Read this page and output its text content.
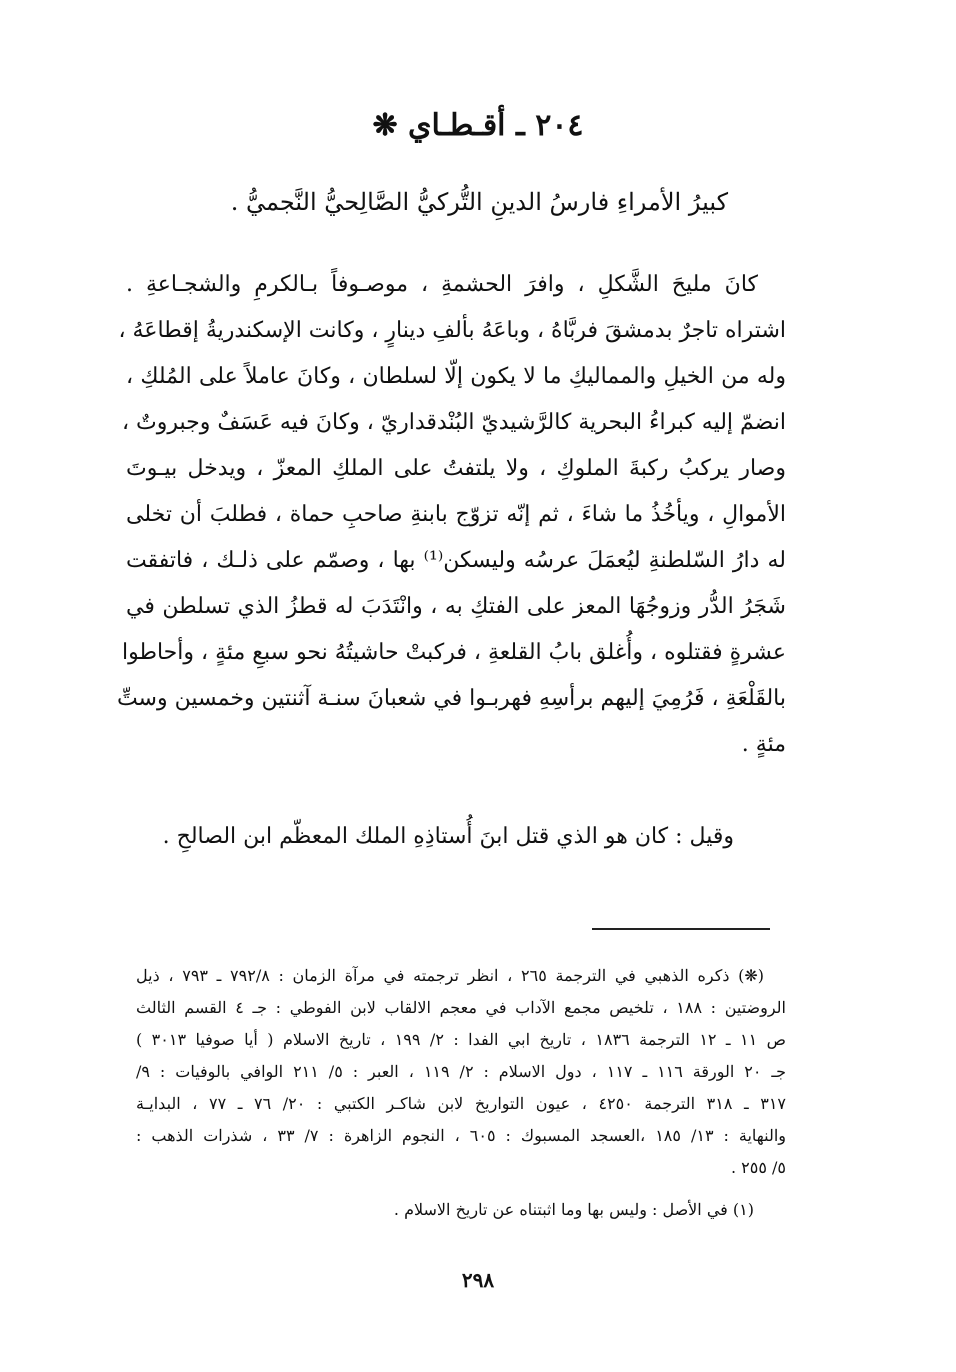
٢٠٤ ـ أقـطـاي ❋
كبيرُ الأمراءِ فارسُ الدينِ التُّركيُّ الصَّالِحيُّ النَّجميُّ .
كانَ مليحَ الشَّكلِ ، وافرَ الحشمةِ ، موصـوفاً بـالكرمِ والشجـاعةِ .
اشتراه تاجرٌ بدمشقَ فربَّاهُ ، وباعَهُ بألفِ دينارٍ ، وكانت الإسكندريةُ إقطاعَهُ ،
وله من الخيلِ والمماليكِ ما لا يكون إلّا لسلطان ، وكانَ عاملاً على المُلكِ ،
انضمّ إليه كبراءُ البحرية كالرَّشيديّ البُنْدقداريّ ، وكانَ فيه عَسَفٌ وجبروتٌ ،
وصار يركبُ ركبةَ الملوكِ ، ولا يلتفتُ على الملكِ المعزّ ، ويدخل بيـوتَ
الأموالِ ، ويأخُذُ ما شاءَ ، ثم إنّه تزوّج بابنةِ صاحبِ حماة ، فطلبَ أن تخلى
له دارُ السّلطنةِ ليُعمَلَ عرسُه وليسكن⁽¹⁾ بها ، وصمّم على ذلـك ، فاتفقت
شَجَرُ الدُّر وزوجُهَا المعز على الفتكِ به ، وانْتَدَبَ له قطزُ الذي تسلطن في
عشرةٍ فقتلوه ، وأُغلق بابُ القلعةِ ، فركبتْ حاشيتُهُ نحو سبعِ مئةٍ ، وأحاطوا
بالقَلْعَةِ ، فَرُمِيَ إليهم برأسِهِ فهربـوا في شعبانَ سنـة آثنتين وخمسين وستِّ
مئةٍ .
وقيل : كان هو الذي قتل ابنَ أُستاذِهِ الملك المعظّم ابن الصالحِ .
(❋) ذكره الذهبي في الترجمة ٢٦٥ ، انظر ترجمته في مرآة الزمان : ٧٩٢/٨ ـ ٧٩٣ ، ذيل
الروضتين : ١٨٨ ، تلخيص مجمع الآداب في معجم الالقاب لابن الفوطي : جـ ٤ القسم الثالث
ص ١١ ـ ١٢ الترجمة ١٨٣٦ ، تاريخ ابي الفدا : ٢/ ١٩٩ ، تاريخ الاسلام ( أيا صوفيا ٣٠١٣ )
جـ ٢٠ الورقة ١١٦ ـ ١١٧ ، دول الاسلام : ٢/ ١١٩ ، العبر : ٥/ ٢١١ الوافي بالوفيات : ٩/
٣١٧ ـ ٣١٨ الترجمة ٤٢٥٠ ، عيون التواريخ لابن شاكـر الكتبي : ٢٠/ ٧٦ ـ ٧٧ ، البدايـة
والنهاية : ١٣/ ١٨٥ ،العسجد المسبوك : ٦٠٥ ، النجوم الزاهرة : ٧/ ٣٣ ، شذرات الذهب :
٥/ ٢٥٥ .
(١) في الأصل : وليس بها وما اثبتناه عن تاريخ الاسلام .
٢٩٨
